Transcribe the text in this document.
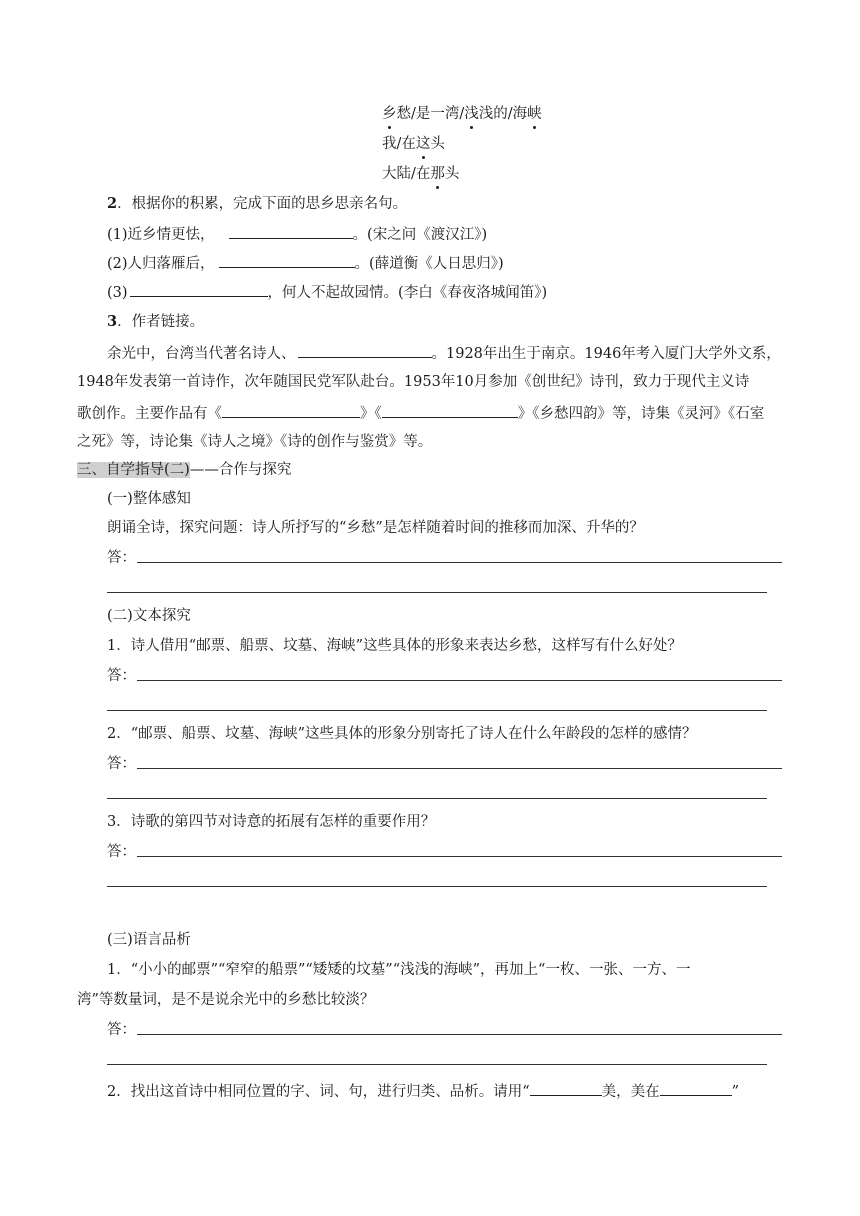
乡愁/是一湾/浅浅的/海峡
我/在这头
大陆/在那头
2．根据你的积累，完成下面的思乡思亲名句。
(1)近乡情更怯，	。(宋之问《渡汉江》)
(2)人归落雁后，	。(薛道衡《人日思归》)
(3)	，何人不起故园情。(李白《春夜洛城闻笛》)
3．作者链接。
余光中，台湾当代著名诗人、	。1928年出生于南京。1946年考入厦门大学外文系，
1948年发表第一首诗作，次年随国民党军队赴台。1953年10月参加《创世纪》诗刊，致力于现代主义诗
歌创作。主要作品有《	》《	》《乡愁四韵》等，诗集《灵河》《石室
之死》等，诗论集《诗人之境》《诗的创作与鉴赏》等。
三、自学指导(二)——合作与探究
(一)整体感知
朗诵全诗，探究问题：诗人所抒写的“乡愁”是怎样随着时间的推移而加深、升华的？
答：
(二)文本探究
1．诗人借用“邮票、船票、坟墓、海峡”这些具体的形象来表达乡愁，这样写有什么好处？
答：
2．“邮票、船票、坟墓、海峡”这些具体的形象分别寄托了诗人在什么年龄段的怎样的感情？
答：
3．诗歌的第四节对诗意的拓展有怎样的重要作用？
答：
(三)语言品析
1．“小小的邮票”“窄窄的船票”“矮矮的坟墓”“浅浅的海峡”，再加上“一枚、一张、一方、一
湾”等数量词，是不是说余光中的乡愁比较淡？
答：
2．找出这首诗中相同位置的字、词、句，进行归类、品析。请用“	美，美在	”
